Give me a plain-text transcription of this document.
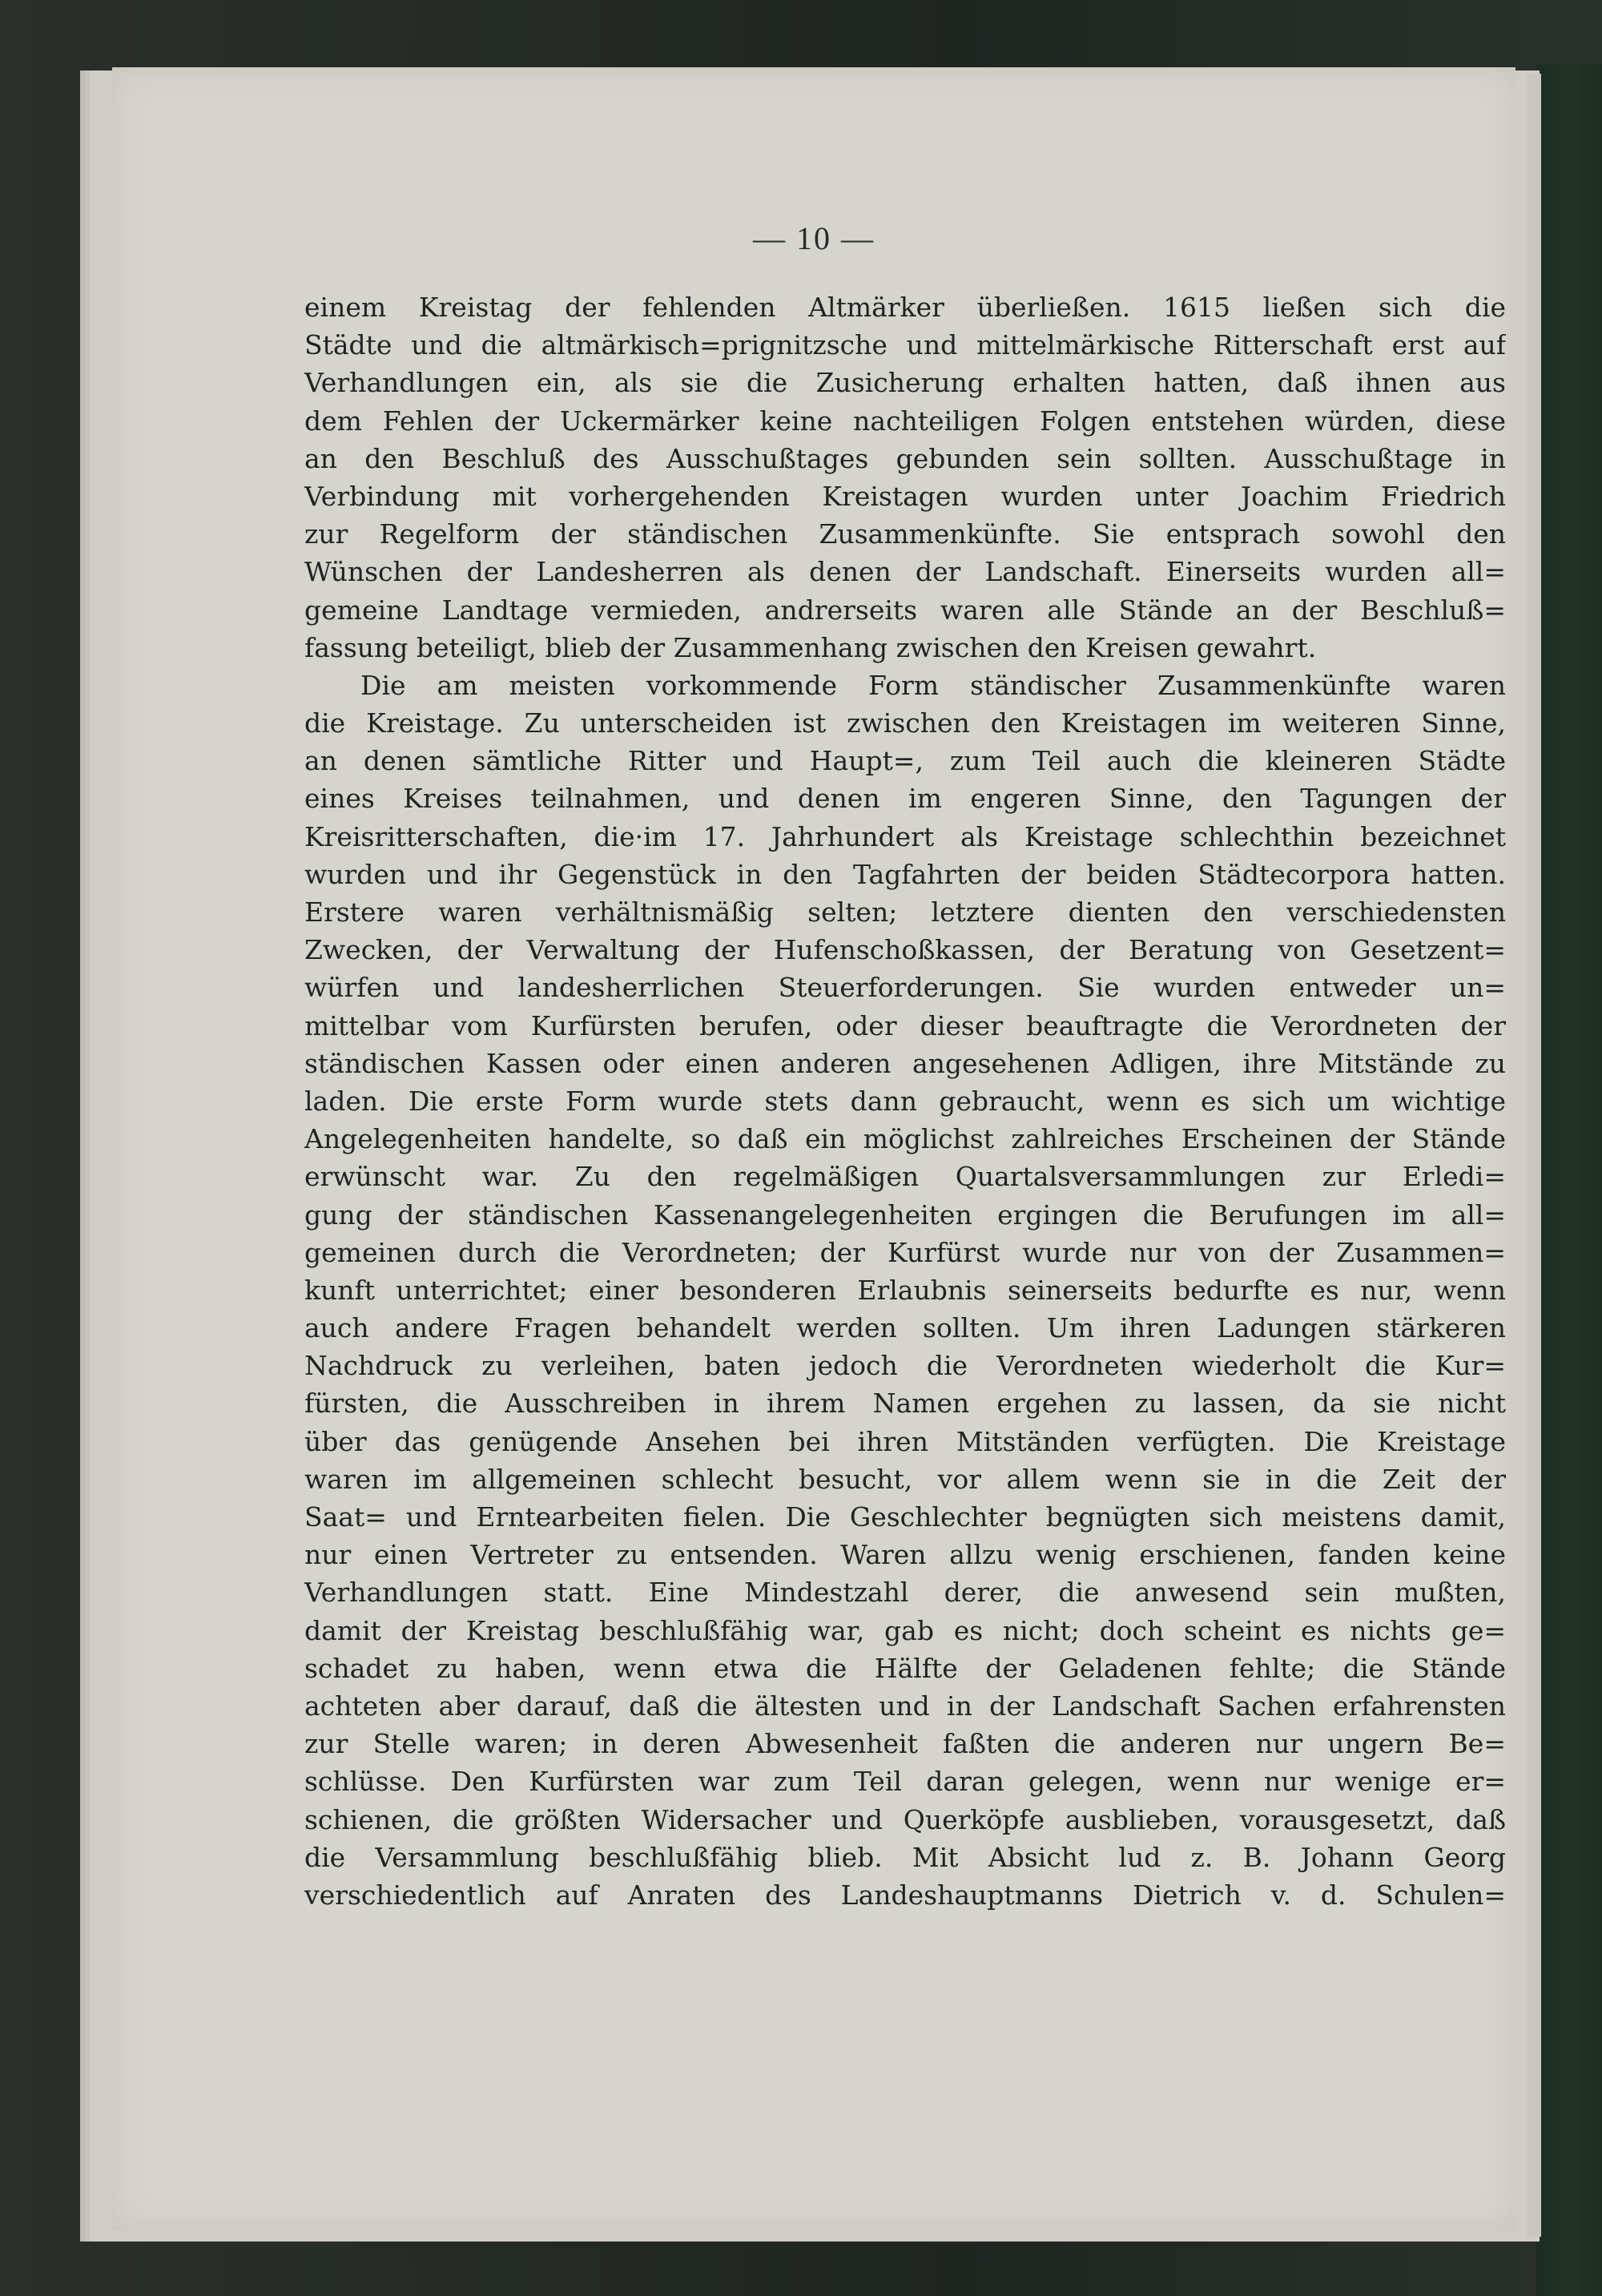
— 10 —
einem Kreistag der fehlenden Altmärker überließen. 1615 ließen sich die
Städte und die altmärkisch=prignitzsche und mittelmärkische Ritterschaft erst auf
Verhandlungen ein, als sie die Zusicherung erhalten hatten, daß ihnen aus
dem Fehlen der Uckermärker keine nachteiligen Folgen entstehen würden, diese
an den Beschluß des Ausschußtages gebunden sein sollten. Ausschußtage in
Verbindung mit vorhergehenden Kreistagen wurden unter Joachim Friedrich
zur Regelform der ständischen Zusammenkünfte. Sie entsprach sowohl den
Wünschen der Landesherren als denen der Landschaft. Einerseits wurden all=
gemeine Landtage vermieden, andrerseits waren alle Stände an der Beschluß=
fassung beteiligt, blieb der Zusammenhang zwischen den Kreisen gewahrt.
Die am meisten vorkommende Form ständischer Zusammenkünfte waren
die Kreistage. Zu unterscheiden ist zwischen den Kreistagen im weiteren Sinne,
an denen sämtliche Ritter und Haupt=, zum Teil auch die kleineren Städte
eines Kreises teilnahmen, und denen im engeren Sinne, den Tagungen der
Kreisritterschaften, die·im 17. Jahrhundert als Kreistage schlechthin bezeichnet
wurden und ihr Gegenstück in den Tagfahrten der beiden Städtecorpora hatten.
Erstere waren verhältnismäßig selten; letztere dienten den verschiedensten
Zwecken, der Verwaltung der Hufenschoßkassen, der Beratung von Gesetzent=
würfen und landesherrlichen Steuerforderungen. Sie wurden entweder un=
mittelbar vom Kurfürsten berufen, oder dieser beauftragte die Verordneten der
ständischen Kassen oder einen anderen angesehenen Adligen, ihre Mitstände zu
laden. Die erste Form wurde stets dann gebraucht, wenn es sich um wichtige
Angelegenheiten handelte, so daß ein möglichst zahlreiches Erscheinen der Stände
erwünscht war. Zu den regelmäßigen Quartalsversammlungen zur Erledi=
gung der ständischen Kassenangelegenheiten ergingen die Berufungen im all=
gemeinen durch die Verordneten; der Kurfürst wurde nur von der Zusammen=
kunft unterrichtet; einer besonderen Erlaubnis seinerseits bedurfte es nur, wenn
auch andere Fragen behandelt werden sollten. Um ihren Ladungen stärkeren
Nachdruck zu verleihen, baten jedoch die Verordneten wiederholt die Kur=
fürsten, die Ausschreiben in ihrem Namen ergehen zu lassen, da sie nicht
über das genügende Ansehen bei ihren Mitständen verfügten. Die Kreistage
waren im allgemeinen schlecht besucht, vor allem wenn sie in die Zeit der
Saat= und Erntearbeiten fielen. Die Geschlechter begnügten sich meistens damit,
nur einen Vertreter zu entsenden. Waren allzu wenig erschienen, fanden keine
Verhandlungen statt. Eine Mindestzahl derer, die anwesend sein mußten,
damit der Kreistag beschlußfähig war, gab es nicht; doch scheint es nichts ge=
schadet zu haben, wenn etwa die Hälfte der Geladenen fehlte; die Stände
achteten aber darauf, daß die ältesten und in der Landschaft Sachen erfahrensten
zur Stelle waren; in deren Abwesenheit faßten die anderen nur ungern Be=
schlüsse. Den Kurfürsten war zum Teil daran gelegen, wenn nur wenige er=
schienen, die größten Widersacher und Querköpfe ausblieben, vorausgesetzt, daß
die Versammlung beschlußfähig blieb. Mit Absicht lud z. B. Johann Georg
verschiedentlich auf Anraten des Landeshauptmanns Dietrich v. d. Schulen=
